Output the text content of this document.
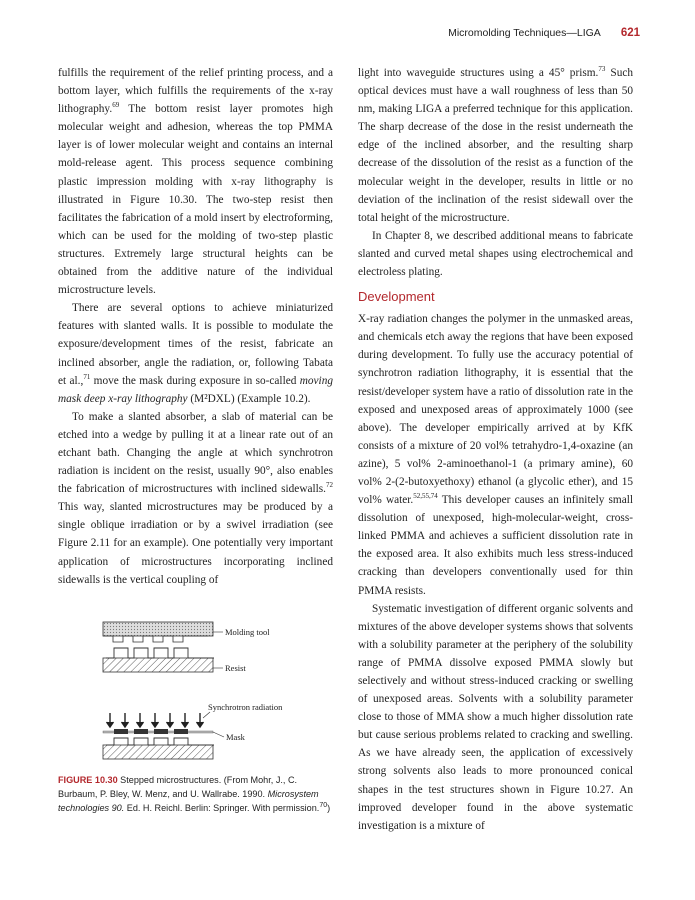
Micromolding Techniques—LIGA 621

fulfills the requirement of the relief printing process, and a bottom layer, which fulfills the requirements of the x-ray lithography.$^{69}$ The bottom resist layer promotes high molecular weight and adhesion, whereas the top PMMA layer is of lower molecular weight and contains an internal mold-release agent. This process sequence combining plastic impression molding with x-ray lithography is illustrated in Figure 10.30. The two-step resist then facilitates the fabrication of a mold insert by electroforming, which can be used for the molding of two-step plastic structures. Extremely large structural heights can be obtained from the additive nature of the individual microstructure levels.

There are several options to achieve miniaturized features with slanted walls. It is possible to modulate the exposure/development times of the resist, fabricate an inclined absorber, angle the radiation, or, following Tabata et al.,$^{71}$ move the mask during exposure in so-called moving mask deep x-ray lithography (M²DXL) (Example 10.2).

To make a slanted absorber, a slab of material can be etched into a wedge by pulling it at a linear rate out of an etchant bath. Changing the angle at which synchrotron radiation is incident on the resist, usually 90°, also enables the fabrication of microstructures with inclined sidewalls.$^{72}$ This way, slanted microstructures may be produced by a single oblique irradiation or by a swivel irradiation (see Figure 2.11 for an example). One potentially very important application of microstructures incorporating inclined sidewalls is the vertical coupling of

Molding tool
Resist
Synchrotron radiation
Mask
FIGURE 10.30 Stepped microstructures. (From Mohr, J., C. Burbaum, P. Bley, W. Menz, and U. Wallrabe. 1990. Microsystem technologies 90. Ed. H. Reichl. Berlin: Springer. With permission.$^{70}$)

light into waveguide structures using a 45° prism.$^{73}$ Such optical devices must have a wall roughness of less than 50 nm, making LIGA a preferred technique for this application. The sharp decrease of the dose in the resist underneath the edge of the inclined absorber, and the resulting sharp decrease of the dissolution of the resist as a function of the molecular weight in the developer, results in little or no deviation of the inclination of the resist sidewall over the total height of the microstructure.

In Chapter 8, we described additional means to fabricate slanted and curved metal shapes using electrochemical and electroless plating.

Development

X-ray radiation changes the polymer in the unmasked areas, and chemicals etch away the regions that have been exposed during development. To fully use the accuracy potential of synchrotron radiation lithography, it is essential that the resist/developer system have a ratio of dissolution rate in the exposed and unexposed areas of approximately 1000 (see above). The developer empirically arrived at by KfK consists of a mixture of 20 vol% tetrahydro-1,4-oxazine (an azine), 5 vol% 2-aminoethanol-1 (a primary amine), 60 vol% 2-(2-butoxyethoxy) ethanol (a glycolic ether), and 15 vol% water.$^{52,55,74}$ This developer causes an infinitely small dissolution of unexposed, high-molecular-weight, cross-linked PMMA and achieves a sufficient dissolution rate in the exposed area. It also exhibits much less stress-induced cracking than developers conventionally used for thin PMMA resists.

Systematic investigation of different organic solvents and mixtures of the above developer systems shows that solvents with a solubility parameter at the periphery of the solubility range of PMMA dissolve exposed PMMA slowly but selectively and without stress-induced cracking or swelling of unexposed areas. Solvents with a solubility parameter close to those of MMA show a much higher dissolution rate but cause serious problems related to cracking and swelling. As we have already seen, the application of excessively strong solvents also leads to more pronounced conical shapes in the test structures shown in Figure 10.27. An improved developer found in the above systematic investigation is a mixture of
